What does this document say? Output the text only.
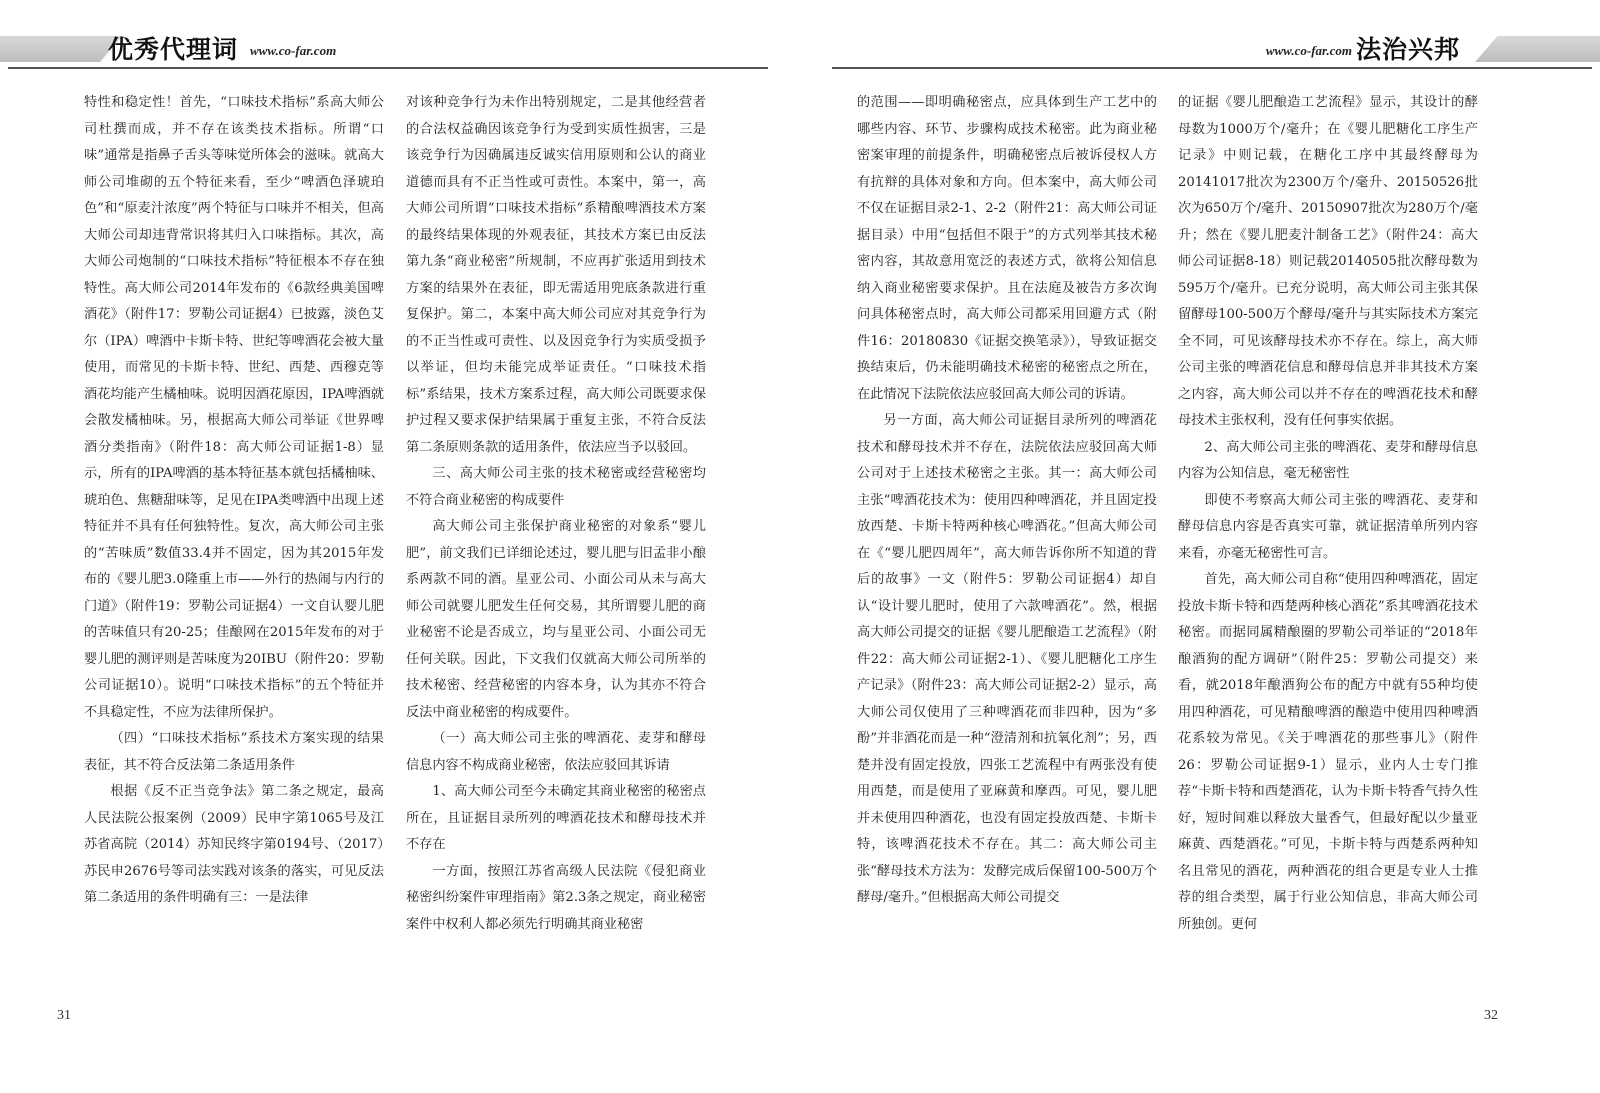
优秀代理词 www.co-far.com	www.co-far.com 法治兴邦

特性和稳定性！首先，“口味技术指标”系高大师公司杜撰而成，并不存在该类技术指标。所谓“口味”通常是指鼻子舌头等味觉所体会的滋味。就高大师公司堆砌的五个特征来看，至少“啤酒色泽琥珀色”和“原麦汁浓度”两个特征与口味并不相关，但高大师公司却违背常识将其归入口味指标。其次，高大师公司炮制的“口味技术指标”特征根本不存在独特性。高大师公司2014年发布的《6款经典美国啤酒花》（附件17：罗勒公司证据4）已披露，淡色艾尔（IPA）啤酒中卡斯卡特、世纪等啤酒花会被大量使用，而常见的卡斯卡特、世纪、西楚、西穆克等酒花均能产生橘柚味。说明因酒花原因，IPA啤酒就会散发橘柚味。另，根据高大师公司举证《世界啤酒分类指南》（附件18：高大师公司证据1-8）显示，所有的IPA啤酒的基本特征基本就包括橘柚味、琥珀色、焦糖甜味等，足见在IPA类啤酒中出现上述特征并不具有任何独特性。复次，高大师公司主张的“苦味质”数值33.4并不固定，因为其2015年发布的《婴儿肥3.0隆重上市——外行的热闹与内行的门道》（附件19：罗勒公司证据4）一文自认婴儿肥的苦味值只有20-25；佳酿网在2015年发布的对于婴儿肥的测评则是苦味度为20IBU（附件20：罗勒公司证据10）。说明“口味技术指标”的五个特征并不具稳定性，不应为法律所保护。

（四）“口味技术指标”系技术方案实现的结果表征，其不符合反法第二条适用条件

根据《反不正当竞争法》第二条之规定，最高人民法院公报案例（2009）民申字第1065号及江苏省高院（2014）苏知民终字第0194号、（2017）苏民申2676号等司法实践对该条的落实，可见反法第二条适用的条件明确有三：一是法律

对该种竞争行为未作出特别规定，二是其他经营者的合法权益确因该竞争行为受到实质性损害，三是该竞争行为因确属违反诚实信用原则和公认的商业道德而具有不正当性或可责性。本案中，第一，高大师公司所谓“口味技术指标”系精酿啤酒技术方案的最终结果体现的外观表征，其技术方案已由反法第九条“商业秘密”所规制，不应再扩张适用到技术方案的结果外在表征，即无需适用兜底条款进行重复保护。第二，本案中高大师公司应对其竞争行为的不正当性或可责性、以及因竞争行为实质受损予以举证，但均未能完成举证责任。“口味技术指标”系结果，技术方案系过程，高大师公司既要求保护过程又要求保护结果属于重复主张，不符合反法第二条原则条款的适用条件，依法应当予以驳回。

三、高大师公司主张的技术秘密或经营秘密均不符合商业秘密的构成要件

高大师公司主张保护商业秘密的对象系“婴儿肥”，前文我们已详细论述过，婴儿肥与旧孟非小酿系两款不同的酒。星亚公司、小面公司从未与高大师公司就婴儿肥发生任何交易，其所谓婴儿肥的商业秘密不论是否成立，均与星亚公司、小面公司无任何关联。因此，下文我们仅就高大师公司所举的技术秘密、经营秘密的内容本身，认为其亦不符合反法中商业秘密的构成要件。

（一）高大师公司主张的啤酒花、麦芽和酵母信息内容不构成商业秘密，依法应驳回其诉请

1、高大师公司至今未确定其商业秘密的秘密点所在，且证据目录所列的啤酒花技术和酵母技术并不存在

一方面，按照江苏省高级人民法院《侵犯商业秘密纠纷案件审理指南》第2.3条之规定，商业秘密案件中权利人都必须先行明确其商业秘密

的范围——即明确秘密点，应具体到生产工艺中的哪些内容、环节、步骤构成技术秘密。此为商业秘密案审理的前提条件，明确秘密点后被诉侵权人方有抗辩的具体对象和方向。但本案中，高大师公司不仅在证据目录2-1、2-2（附件21：高大师公司证据目录）中用“包括但不限于”的方式列举其技术秘密内容，其故意用宽泛的表述方式，欲将公知信息纳入商业秘密要求保护。且在法庭及被告方多次询问具体秘密点时，高大师公司都采用回避方式（附件16：20180830《证据交换笔录》），导致证据交换结束后，仍未能明确技术秘密的秘密点之所在，在此情况下法院依法应驳回高大师公司的诉请。

另一方面，高大师公司证据目录所列的啤酒花技术和酵母技术并不存在，法院依法应驳回高大师公司对于上述技术秘密之主张。其一：高大师公司主张“啤酒花技术为：使用四种啤酒花，并且固定投放西楚、卡斯卡特两种核心啤酒花。”但高大师公司在《“婴儿肥四周年”，高大师告诉你所不知道的背后的故事》一文（附件5：罗勒公司证据4）却自认“设计婴儿肥时，使用了六款啤酒花”。然，根据高大师公司提交的证据《婴儿肥酿造工艺流程》（附件22：高大师公司证据2-1）、《婴儿肥糖化工序生产记录》（附件23：高大师公司证据2-2）显示，高大师公司仅使用了三种啤酒花而非四种，因为“多酚”并非酒花而是一种“澄清剂和抗氧化剂”；另，西楚并没有固定投放，四张工艺流程中有两张没有使用西楚，而是使用了亚麻黄和摩西。可见，婴儿肥并未使用四种酒花，也没有固定投放西楚、卡斯卡特，该啤酒花技术不存在。其二：高大师公司主张“酵母技术方法为：发酵完成后保留100-500万个酵母/毫升。”但根据高大师公司提交

的证据《婴儿肥酿造工艺流程》显示，其设计的酵母数为1000万个/毫升；在《婴儿肥糖化工序生产记录》中则记载，在糖化工序中其最终酵母为20141017批次为2300万个/毫升、20150526批次为650万个/毫升、20150907批次为280万个/毫升；然在《婴儿肥麦汁制备工艺》（附件24：高大师公司证据8-18）则记载20140505批次酵母数为595万个/毫升。已充分说明，高大师公司主张其保留酵母100-500万个酵母/毫升与其实际技术方案完全不同，可见该酵母技术亦不存在。综上，高大师公司主张的啤酒花信息和酵母信息并非其技术方案之内容，高大师公司以并不存在的啤酒花技术和酵母技术主张权利，没有任何事实依据。

2、高大师公司主张的啤酒花、麦芽和酵母信息内容为公知信息，毫无秘密性

即使不考察高大师公司主张的啤酒花、麦芽和酵母信息内容是否真实可靠，就证据清单所列内容来看，亦毫无秘密性可言。

首先，高大师公司自称“使用四种啤酒花，固定投放卡斯卡特和西楚两种核心酒花”系其啤酒花技术秘密。而据同属精酿圈的罗勒公司举证的“2018年酿酒狗的配方调研”（附件25：罗勒公司提交）来看，就2018年酿酒狗公布的配方中就有55种均使用四种酒花，可见精酿啤酒的酿造中使用四种啤酒花系较为常见。《关于啤酒花的那些事儿》（附件26：罗勒公司证据9-1）显示，业内人士专门推荐“卡斯卡特和西楚酒花，认为卡斯卡特香气持久性好，短时间难以释放大量香气，但最好配以少量亚麻黄、西楚酒花。”可见，卡斯卡特与西楚系两种知名且常见的酒花，两种酒花的组合更是专业人士推荐的组合类型，属于行业公知信息，非高大师公司所独创。更何

31	32
